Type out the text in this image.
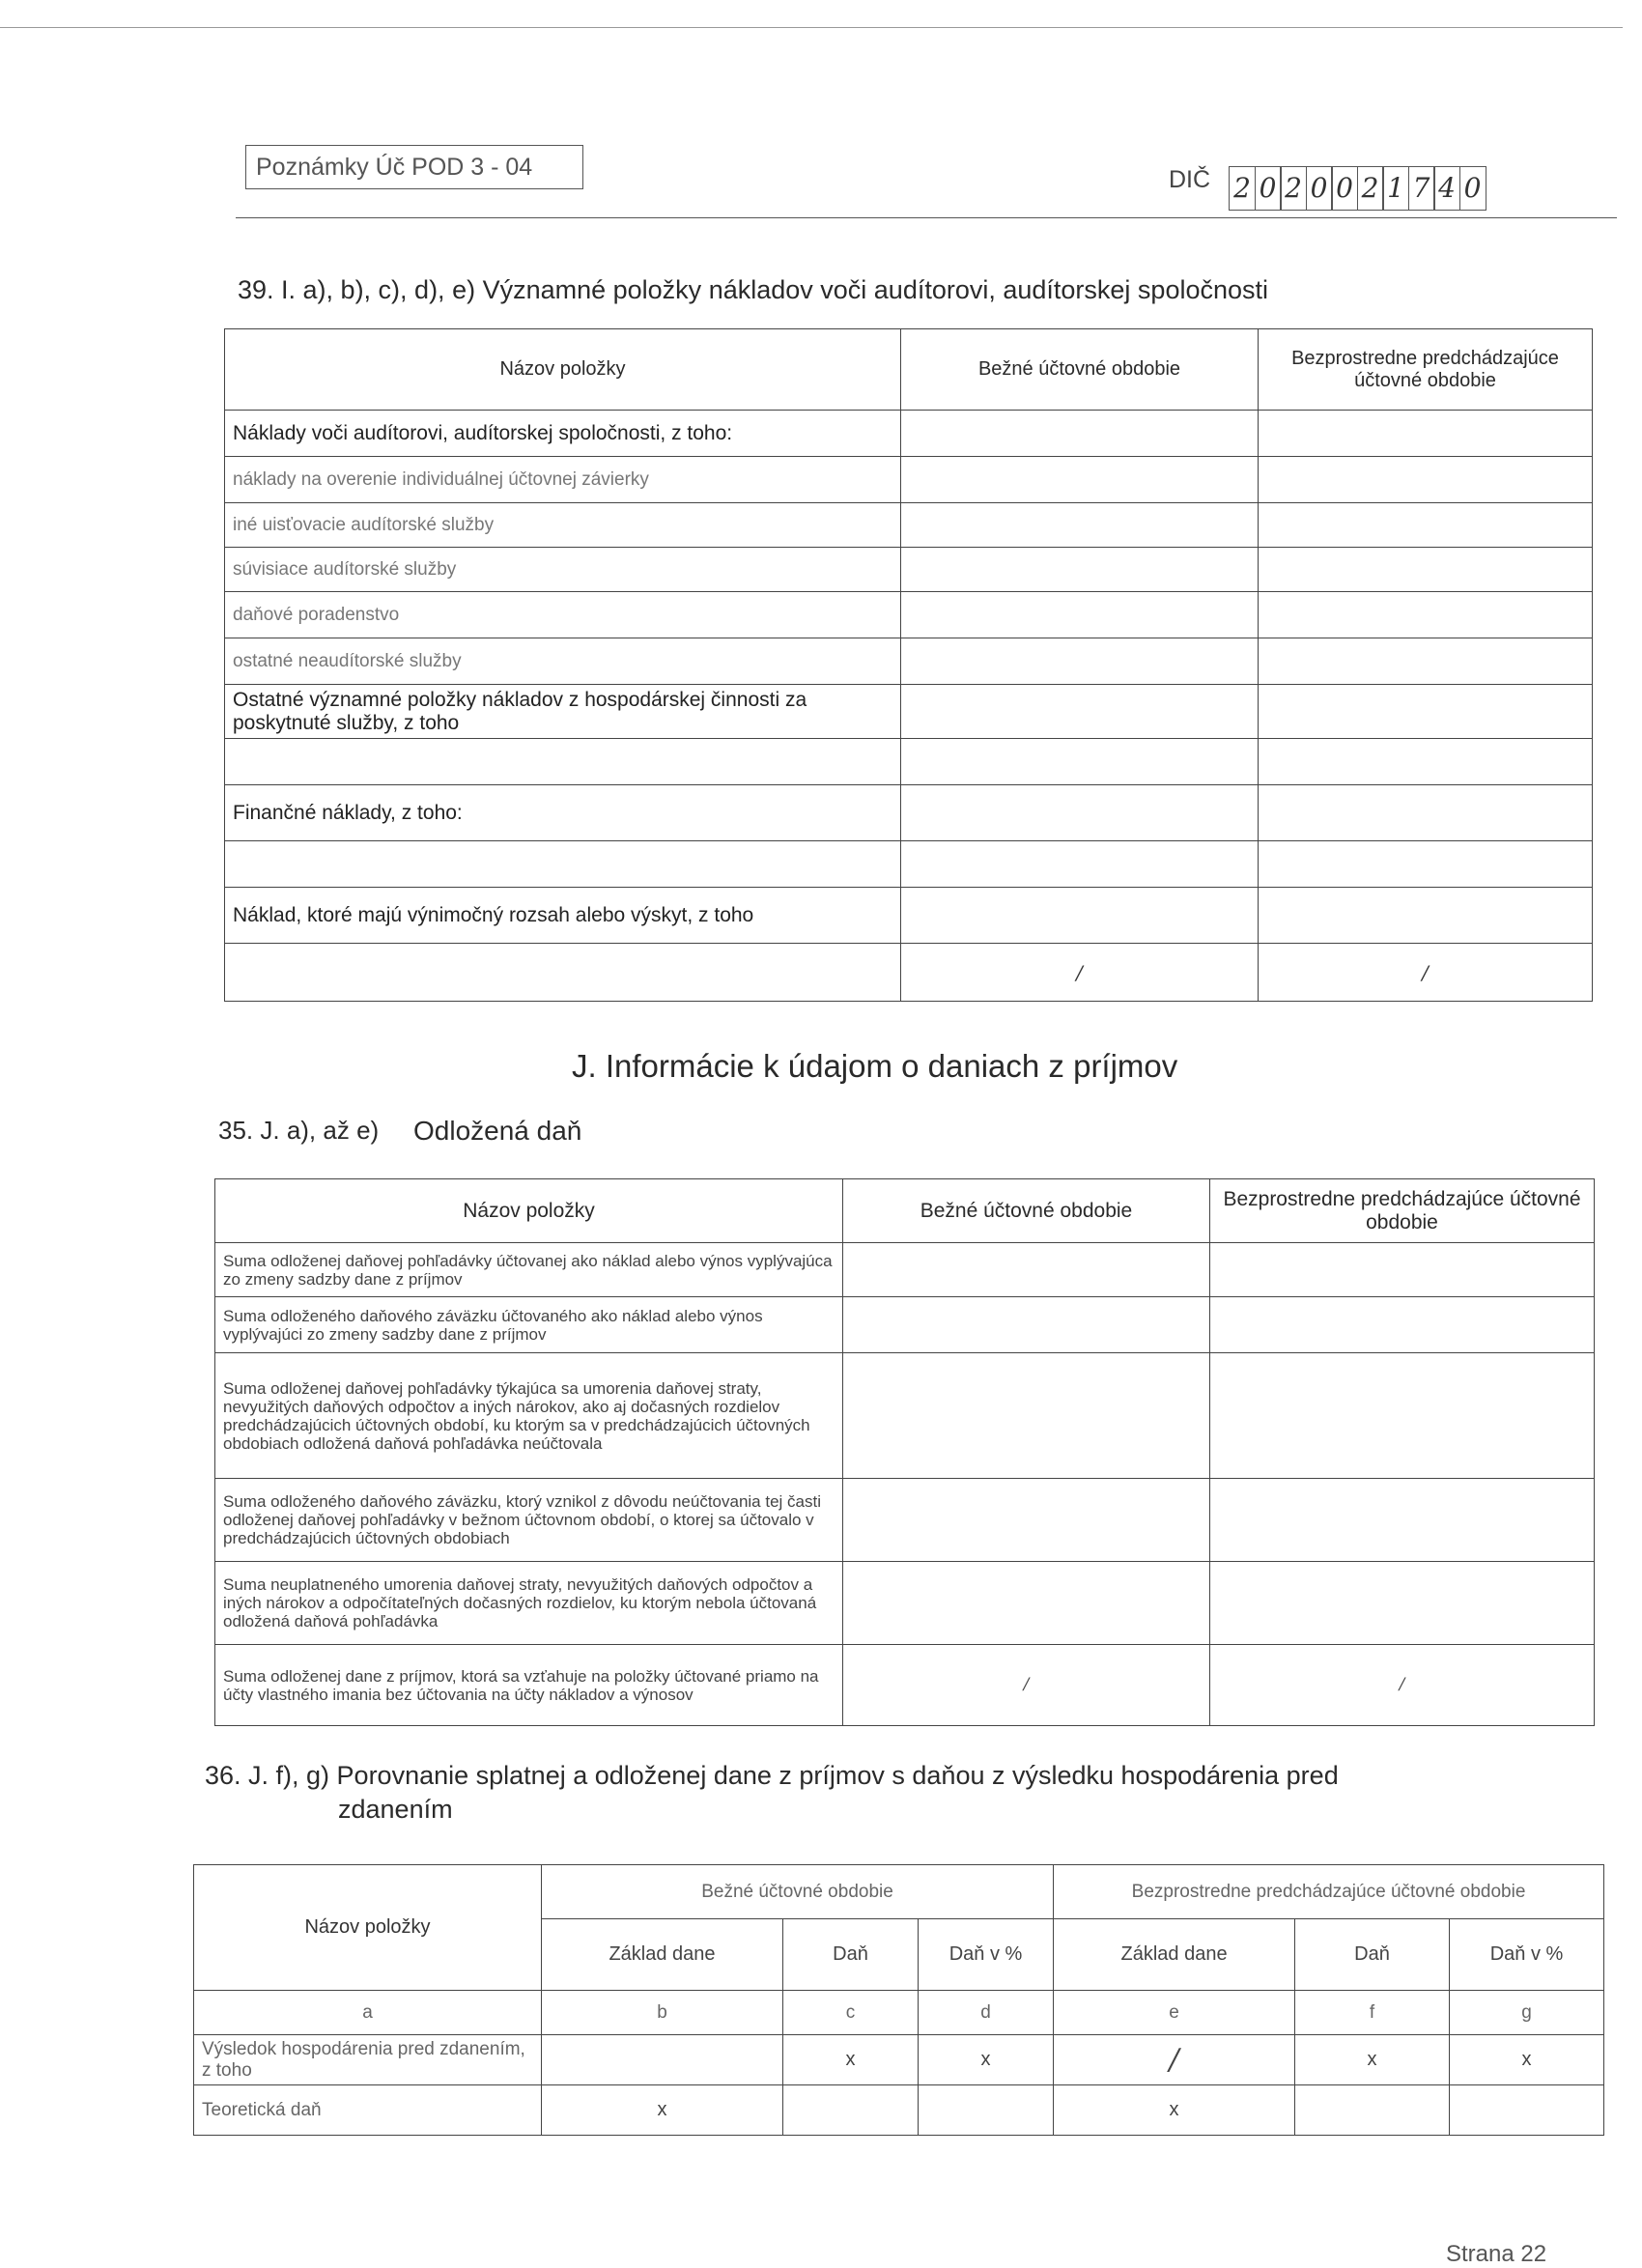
Poznámky Úč POD 3 - 04	DIČ 2 0 2 0 0 2 1 7 4 0
39. I. a), b), c), d), e) Významné položky nákladov voči audítorovi, audítorskej spoločnosti
Názov položky	Bežné účtovné obdobie	Bezprostredne predchádzajúce účtovné obdobie
Náklady voči audítorovi, audítorskej spoločnosti, z toho:		
náklady na overenie individuálnej účtovnej závierky		
iné uisťovacie audítorské služby		
súvisiace audítorské služby		
daňové poradenstvo		
ostatné neaudítorské služby		
Ostatné významné položky nákladov z hospodárskej činnosti za poskytnuté služby, z toho		

Finančné náklady, z toho:		

Náklad, ktoré majú výnimočný rozsah alebo výskyt, z toho		
	/	/
J. Informácie k údajom o daniach z príjmov
35. J. a), až e) Odložená daň
Názov položky	Bežné účtovné obdobie	Bezprostredne predchádzajúce účtovné obdobie
Suma odloženej daňovej pohľadávky účtovanej ako náklad alebo výnos vyplývajúca zo zmeny sadzby dane z príjmov		
Suma odloženého daňového záväzku účtovaného ako náklad alebo výnos vyplývajúci zo zmeny sadzby dane z príjmov		
Suma odloženej daňovej pohľadávky týkajúca sa umorenia daňovej straty, nevyužitých daňových odpočtov a iných nárokov, ako aj dočasných rozdielov predchádzajúcich účtovných období, ku ktorým sa v predchádzajúcich účtovných obdobiach odložená daňová pohľadávka neúčtovala		
Suma odloženého daňového záväzku, ktorý vznikol z dôvodu neúčtovania tej časti odloženej daňovej pohľadávky v bežnom účtovnom období, o ktorej sa účtovalo v predchádzajúcich účtovných obdobiach		
Suma neuplatneného umorenia daňovej straty, nevyužitých daňových odpočtov a iných nárokov a odpočítateľných dočasných rozdielov, ku ktorým nebola účtovaná odložená daňová pohľadávka		
Suma odloženej dane z príjmov, ktorá sa vzťahuje na položky účtované priamo na účty vlastného imania bez účtovania na účty nákladov a výnosov	/	/
36. J. f), g) Porovnanie splatnej a odloženej dane z príjmov s daňou z výsledku hospodárenia pred
zdanením
Názov položky	Bežné účtovné obdobie			Bezprostredne predchádzajúce účtovné obdobie		
	Základ dane	Daň	Daň v %	Základ dane	Daň	Daň v %
a	b	c	d	e	f	g
Výsledok hospodárenia pred zdanením, z toho		x	x	/	x	x
Teoretická daň	x			x		
Strana 22
